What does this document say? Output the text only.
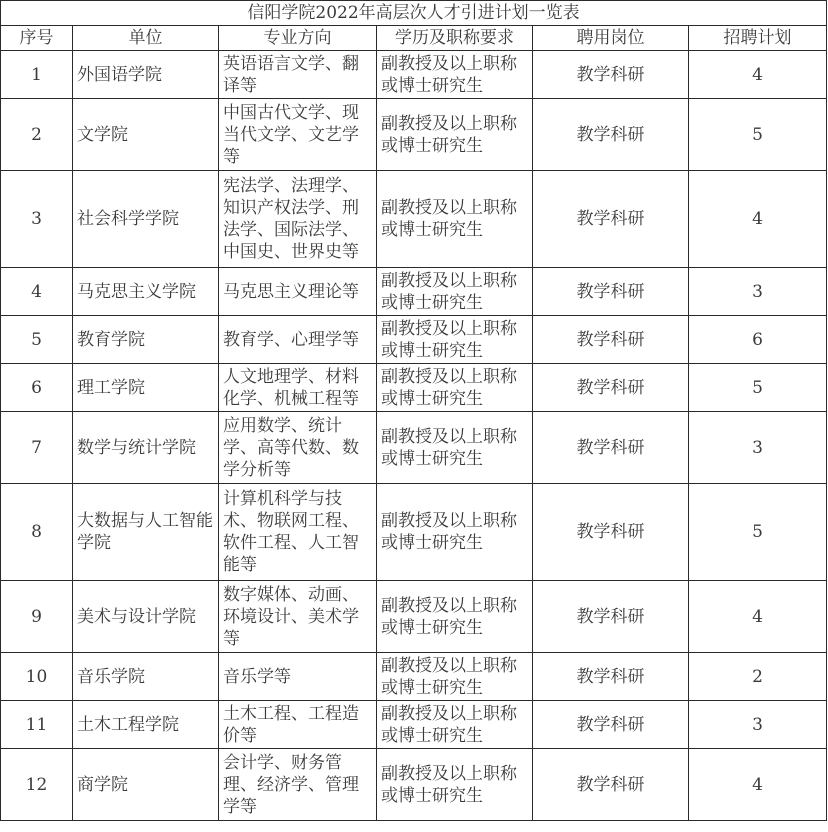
信阳学院2022年高层次人才引进计划一览表					
序号	单位	专业方向	学历及职称要求	聘用岗位	招聘计划
1	外国语学院	英语语言文学、翻译等	副教授及以上职称或博士研究生	教学科研	4
2	文学院	中国古代文学、现当代文学、文艺学等	副教授及以上职称或博士研究生	教学科研	5
3	社会科学学院	宪法学、法理学、知识产权法学、刑法学、国际法学、中国史、世界史等	副教授及以上职称或博士研究生	教学科研	4
4	马克思主义学院	马克思主义理论等	副教授及以上职称或博士研究生	教学科研	3
5	教育学院	教育学、心理学等	副教授及以上职称或博士研究生	教学科研	6
6	理工学院	人文地理学、材料化学、机械工程等	副教授及以上职称或博士研究生	教学科研	5
7	数学与统计学院	应用数学、统计学、高等代数、数学分析等	副教授及以上职称或博士研究生	教学科研	3
8	大数据与人工智能学院	计算机科学与技术、物联网工程、软件工程、人工智能等	副教授及以上职称或博士研究生	教学科研	5
9	美术与设计学院	数字媒体、动画、环境设计、美术学等	副教授及以上职称或博士研究生	教学科研	4
10	音乐学院	音乐学等	副教授及以上职称或博士研究生	教学科研	2
11	土木工程学院	土木工程、工程造价等	副教授及以上职称或博士研究生	教学科研	3
12	商学院	会计学、财务管理、经济学、管理学等	副教授及以上职称或博士研究生	教学科研	4
